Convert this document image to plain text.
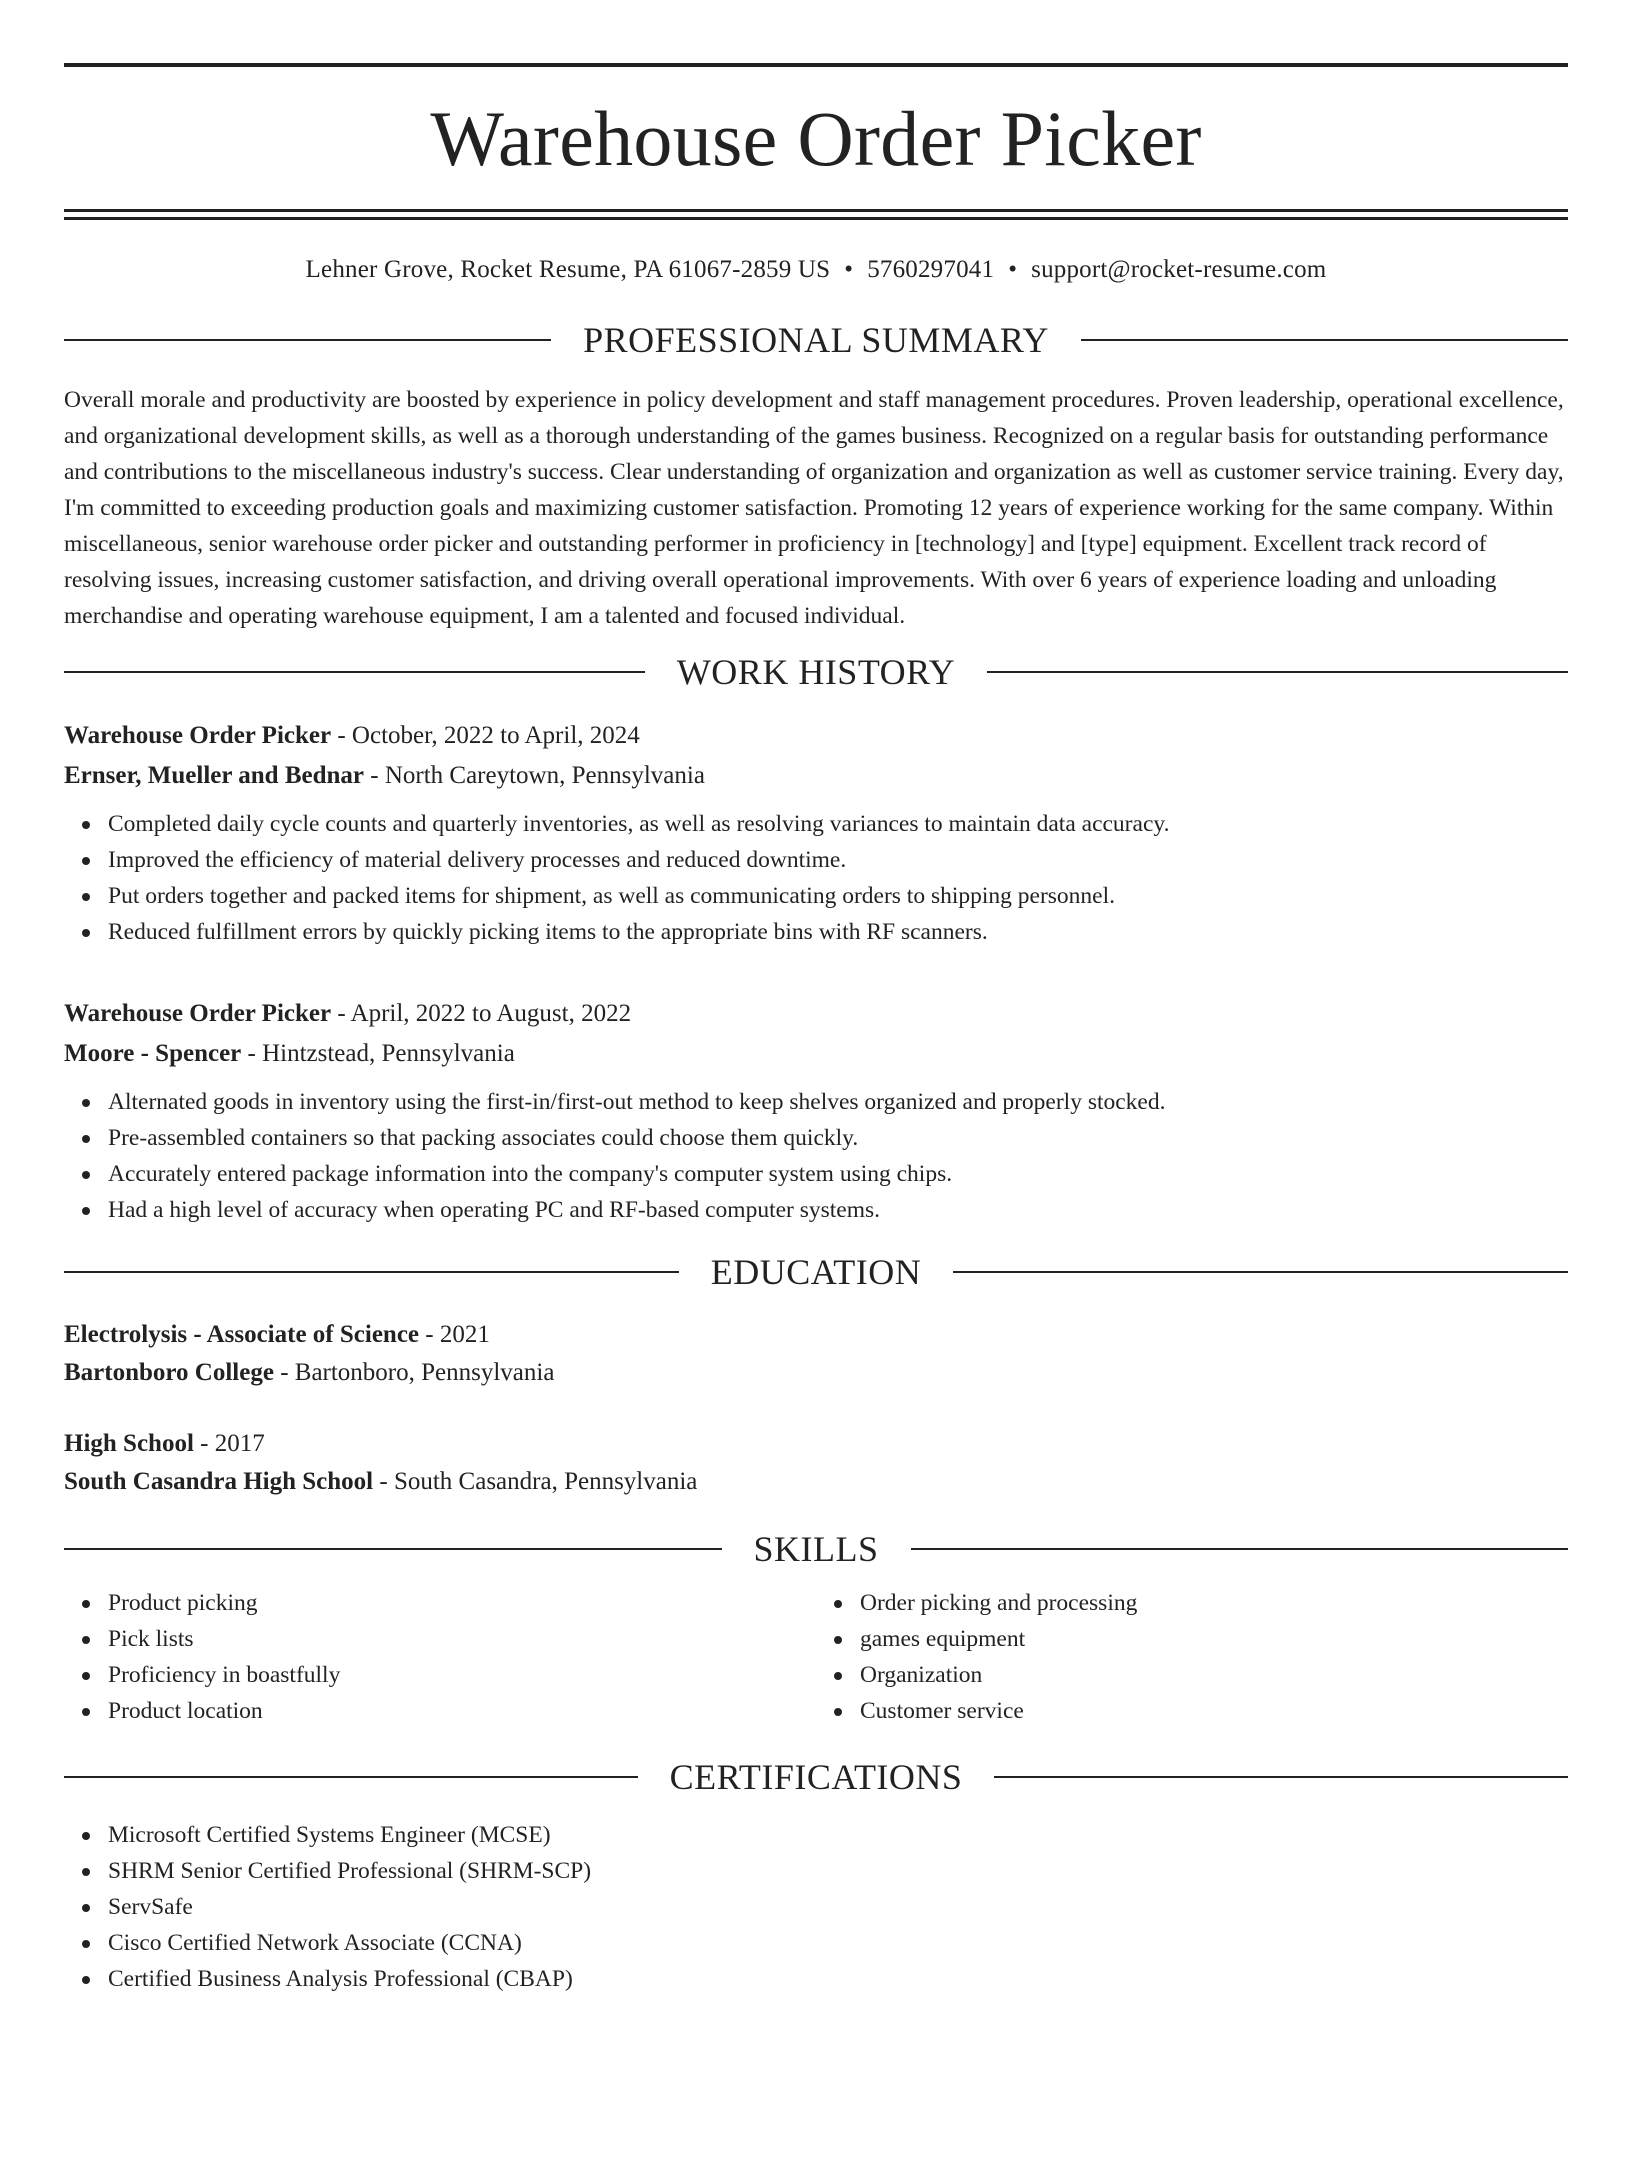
Warehouse Order Picker
Lehner Grove, Rocket Resume, PA 61067-2859 US • 5760297041 • support@rocket-resume.com
PROFESSIONAL SUMMARY

Overall morale and productivity are boosted by experience in policy development and staff management procedures. Proven leadership, operational excellence, and organizational development skills, as well as a thorough understanding of the games business. Recognized on a regular basis for outstanding performance and contributions to the miscellaneous industry's success. Clear understanding of organization and organization as well as customer service training. Every day, I'm committed to exceeding production goals and maximizing customer satisfaction. Promoting 12 years of experience working for the same company. Within miscellaneous, senior warehouse order picker and outstanding performer in proficiency in [technology] and [type] equipment. Excellent track record of resolving issues, increasing customer satisfaction, and driving overall operational improvements. With over 6 years of experience loading and unloading merchandise and operating warehouse equipment, I am a talented and focused individual.

WORK HISTORY
Warehouse Order Picker - October, 2022 to April, 2024
Ernser, Mueller and Bednar - North Careytown, Pennsylvania
Completed daily cycle counts and quarterly inventories, as well as resolving variances to maintain data accuracy.
Improved the efficiency of material delivery processes and reduced downtime.
Put orders together and packed items for shipment, as well as communicating orders to shipping personnel.
Reduced fulfillment errors by quickly picking items to the appropriate bins with RF scanners.
Warehouse Order Picker - April, 2022 to August, 2022
Moore - Spencer - Hintzstead, Pennsylvania
Alternated goods in inventory using the first-in/first-out method to keep shelves organized and properly stocked.
Pre-assembled containers so that packing associates could choose them quickly.
Accurately entered package information into the company's computer system using chips.
Had a high level of accuracy when operating PC and RF-based computer systems.
EDUCATION
Electrolysis - Associate of Science - 2021
Bartonboro College - Bartonboro, Pennsylvania
High School - 2017
South Casandra High School - South Casandra, Pennsylvania
SKILLS
Product picking
Pick lists
Proficiency in boastfully
Product location
Order picking and processing
games equipment
Organization
Customer service
CERTIFICATIONS
Microsoft Certified Systems Engineer (MCSE)
SHRM Senior Certified Professional (SHRM-SCP)
ServSafe
Cisco Certified Network Associate (CCNA)
Certified Business Analysis Professional (CBAP)
